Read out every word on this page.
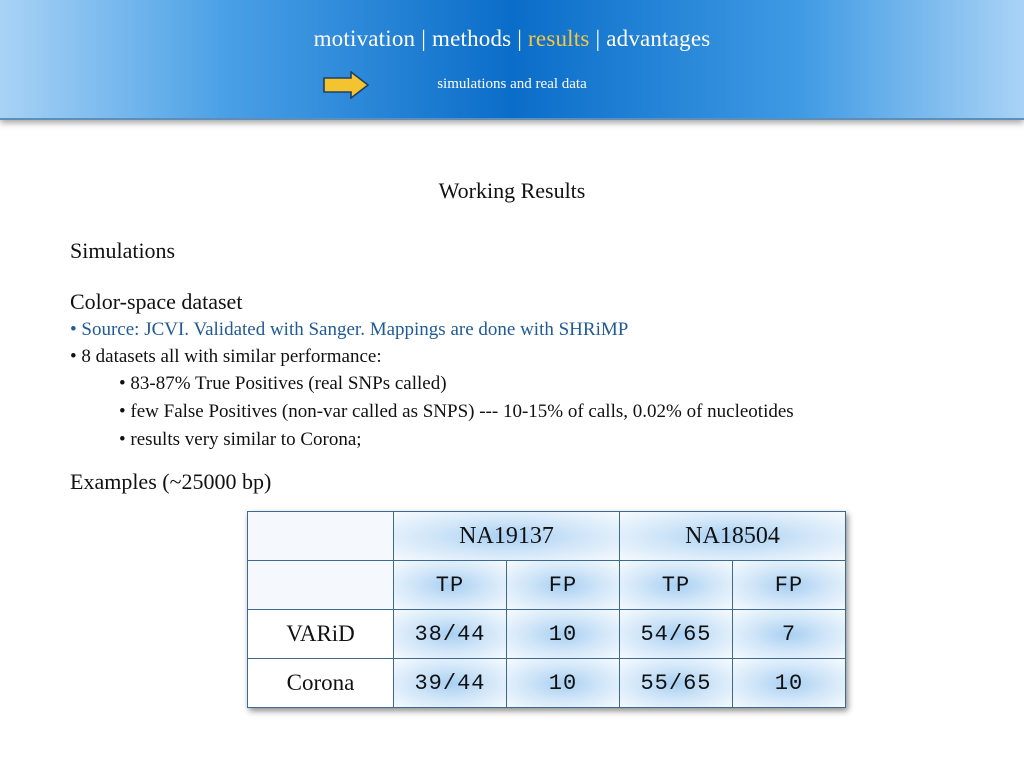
motivation | methods | results | advantages
simulations and real data
Working Results
Simulations
Color-space dataset
• Source: JCVI. Validated with Sanger. Mappings are done with SHRiMP
• 8 datasets all with similar performance:
• 83-87% True Positives (real SNPs called)
• few False Positives (non-var called as SNPS) --- 10-15% of calls, 0.02% of nucleotides
• results very similar to Corona;
Examples (~25000 bp)
	NA19137		NA18504	
	TP	FP	TP	FP
VARiD	38/44	10	54/65	7
Corona	39/44	10	55/65	10
